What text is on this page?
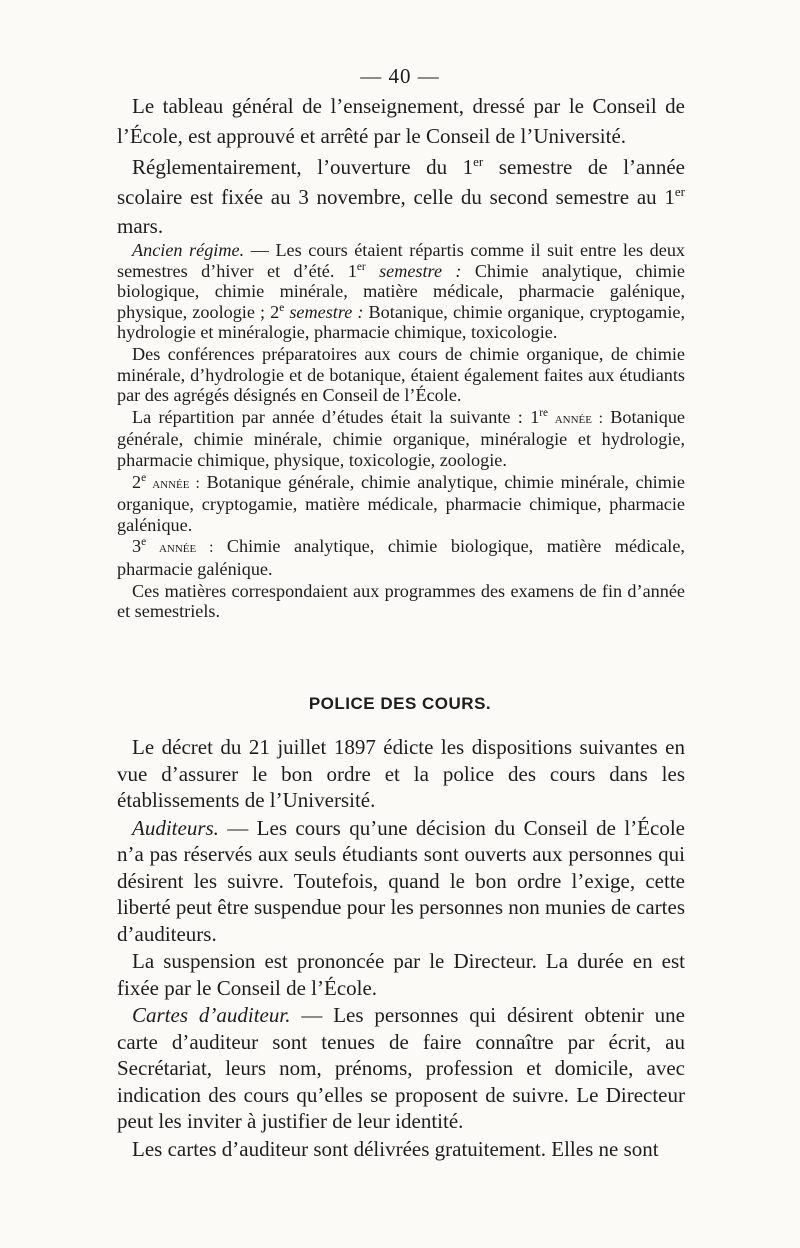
— 40 —

Le tableau général de l’enseignement, dressé par le Conseil de l’École, est approuvé et arrêté par le Conseil de l’Université.

Réglementairement, l’ouverture du 1er semestre de l’année scolaire est fixée au 3 novembre, celle du second semestre au 1er mars.

Ancien régime. — Les cours étaient répartis comme il suit entre les deux semestres d’hiver et d’été. 1er semestre : Chimie analytique, chimie biologique, chimie minérale, matière médicale, pharmacie galénique, physique, zoologie ; 2e semestre : Botanique, chimie organique, cryptogamie, hydrologie et minéralogie, pharmacie chimique, toxicologie.

Des conférences préparatoires aux cours de chimie organique, de chimie minérale, d’hydrologie et de botanique, étaient également faites aux étudiants par des agrégés désignés en Conseil de l’École.

La répartition par année d’études était la suivante : 1re année : Botanique générale, chimie minérale, chimie organique, minéralogie et hydrologie, pharmacie chimique, physique, toxicologie, zoologie.

2e année : Botanique générale, chimie analytique, chimie minérale, chimie organique, cryptogamie, matière médicale, pharmacie chimique, pharmacie galénique.

3e année : Chimie analytique, chimie biologique, matière médicale, pharmacie galénique.

Ces matières correspondaient aux programmes des examens de fin d’année et semestriels.

POLICE DES COURS.

Le décret du 21 juillet 1897 édicte les dispositions suivantes en vue d’assurer le bon ordre et la police des cours dans les établissements de l’Université.

Auditeurs. — Les cours qu’une décision du Conseil de l’École n’a pas réservés aux seuls étudiants sont ouverts aux personnes qui désirent les suivre. Toutefois, quand le bon ordre l’exige, cette liberté peut être suspendue pour les personnes non munies de cartes d’auditeurs.

La suspension est prononcée par le Directeur. La durée en est fixée par le Conseil de l’École.

Cartes d’auditeur. — Les personnes qui désirent obtenir une carte d’auditeur sont tenues de faire connaître par écrit, au Secrétariat, leurs nom, prénoms, profession et domicile, avec indication des cours qu’elles se proposent de suivre. Le Directeur peut les inviter à justifier de leur identité.

Les cartes d’auditeur sont délivrées gratuitement. Elles ne sont
